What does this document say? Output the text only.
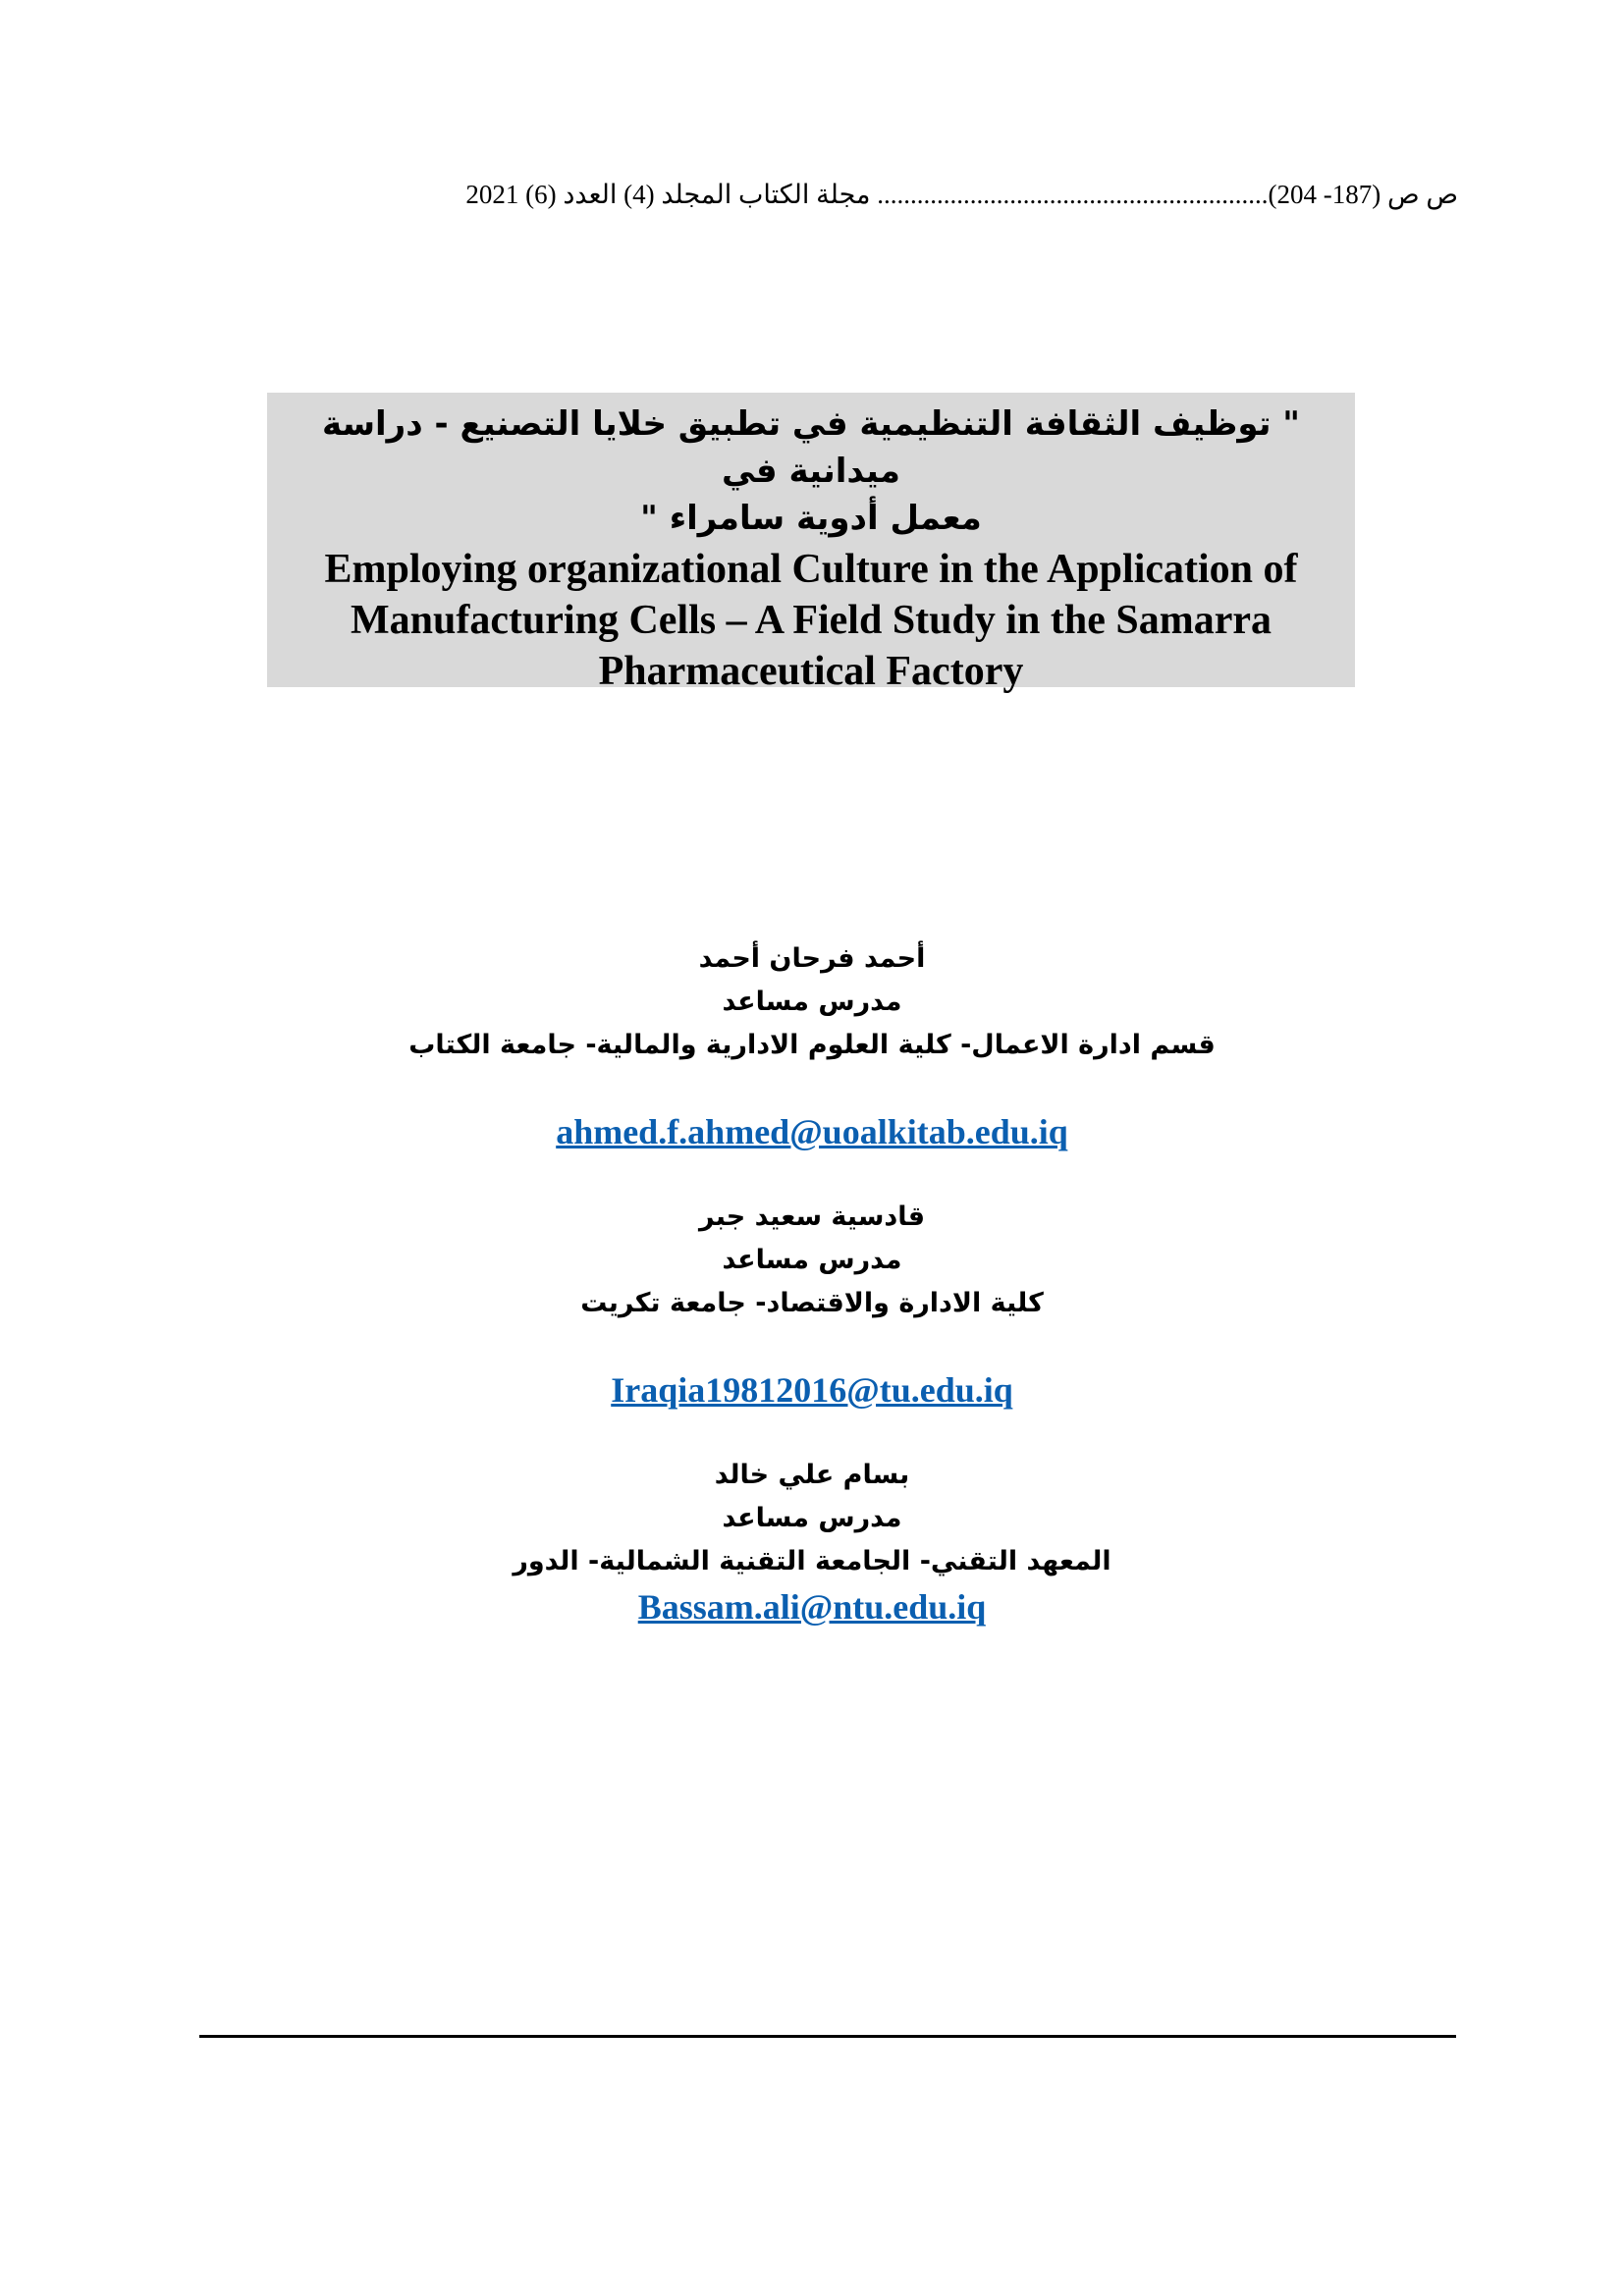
ص ص (187- 204)........................................................... مجلة الكتاب المجلد (4) العدد (6) 2021

" توظيف الثقافة التنظيمية في تطبيق خلايا التصنيع - دراسة ميدانية في

معمل أدوية سامراء "

Employing organizational Culture in the Application of
Manufacturing Cells – A Field Study in the Samarra
Pharmaceutical Factory

أحمد فرحان أحمد
مدرس مساعد
قسم ادارة الاعمال- كلية العلوم الادارية والمالية- جامعة الكتاب
ahmed.f.ahmed@uoalkitab.edu.iq
قادسية سعيد جبر
مدرس مساعد
كلية الادارة والاقتصاد- جامعة تكريت
Iraqia19812016@tu.edu.iq
بسام علي خالد
مدرس مساعد
المعهد التقني- الجامعة التقنية الشمالية- الدور
Bassam.ali@ntu.edu.iq
